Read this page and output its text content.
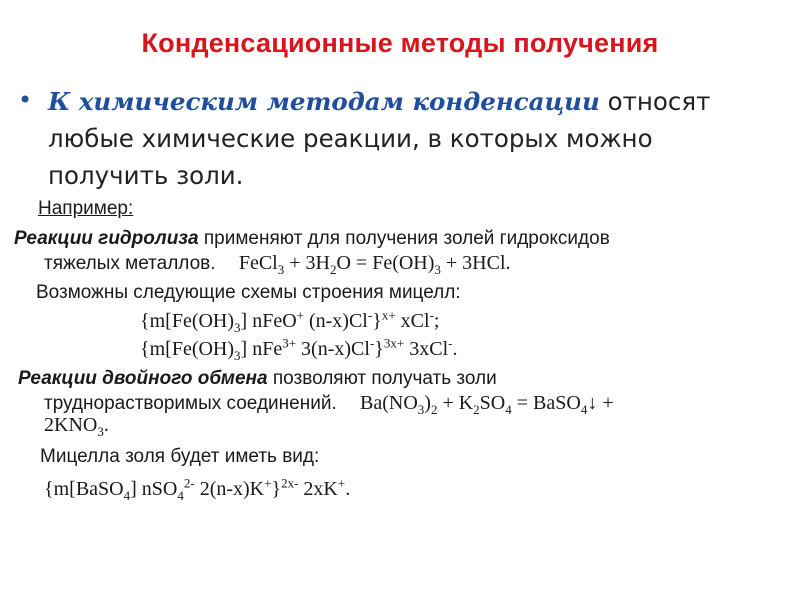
Конденсационные методы получения
• К химическим методам конденсации относят любые химические реакции, в которых можно получить золи.
Например:
Реакции гидролиза применяют для получения золей гидроксидов
тяжелых металлов. FeCl$_3$ + $3H_2O = Fe(OH)_3 + 3HCl$.
Возможны следующие схемы строения мицелл:
{$m[Fe(OH)_3]$ nFeO+ (n-x)Cl-}$^{x+}$ xCl-;
{$m[Fe(OH)_3]$ nFe$^{3+}$ 3(n-x)Cl-}$^{3x+}$ 3xCl-.
Реакции двойного обмена позволяют получать золи
труднорастворимых соединений. $Ba(NO_3)_2 + K_2SO_4$ = BaSO$_4$↓ +
$2KNO_3$.
Мицелла золя будет иметь вид:
{m[BaSO$_4$] nSO$_4^{2-}$ 2(n-x)K+}$^{2x-}$ 2xK+.
